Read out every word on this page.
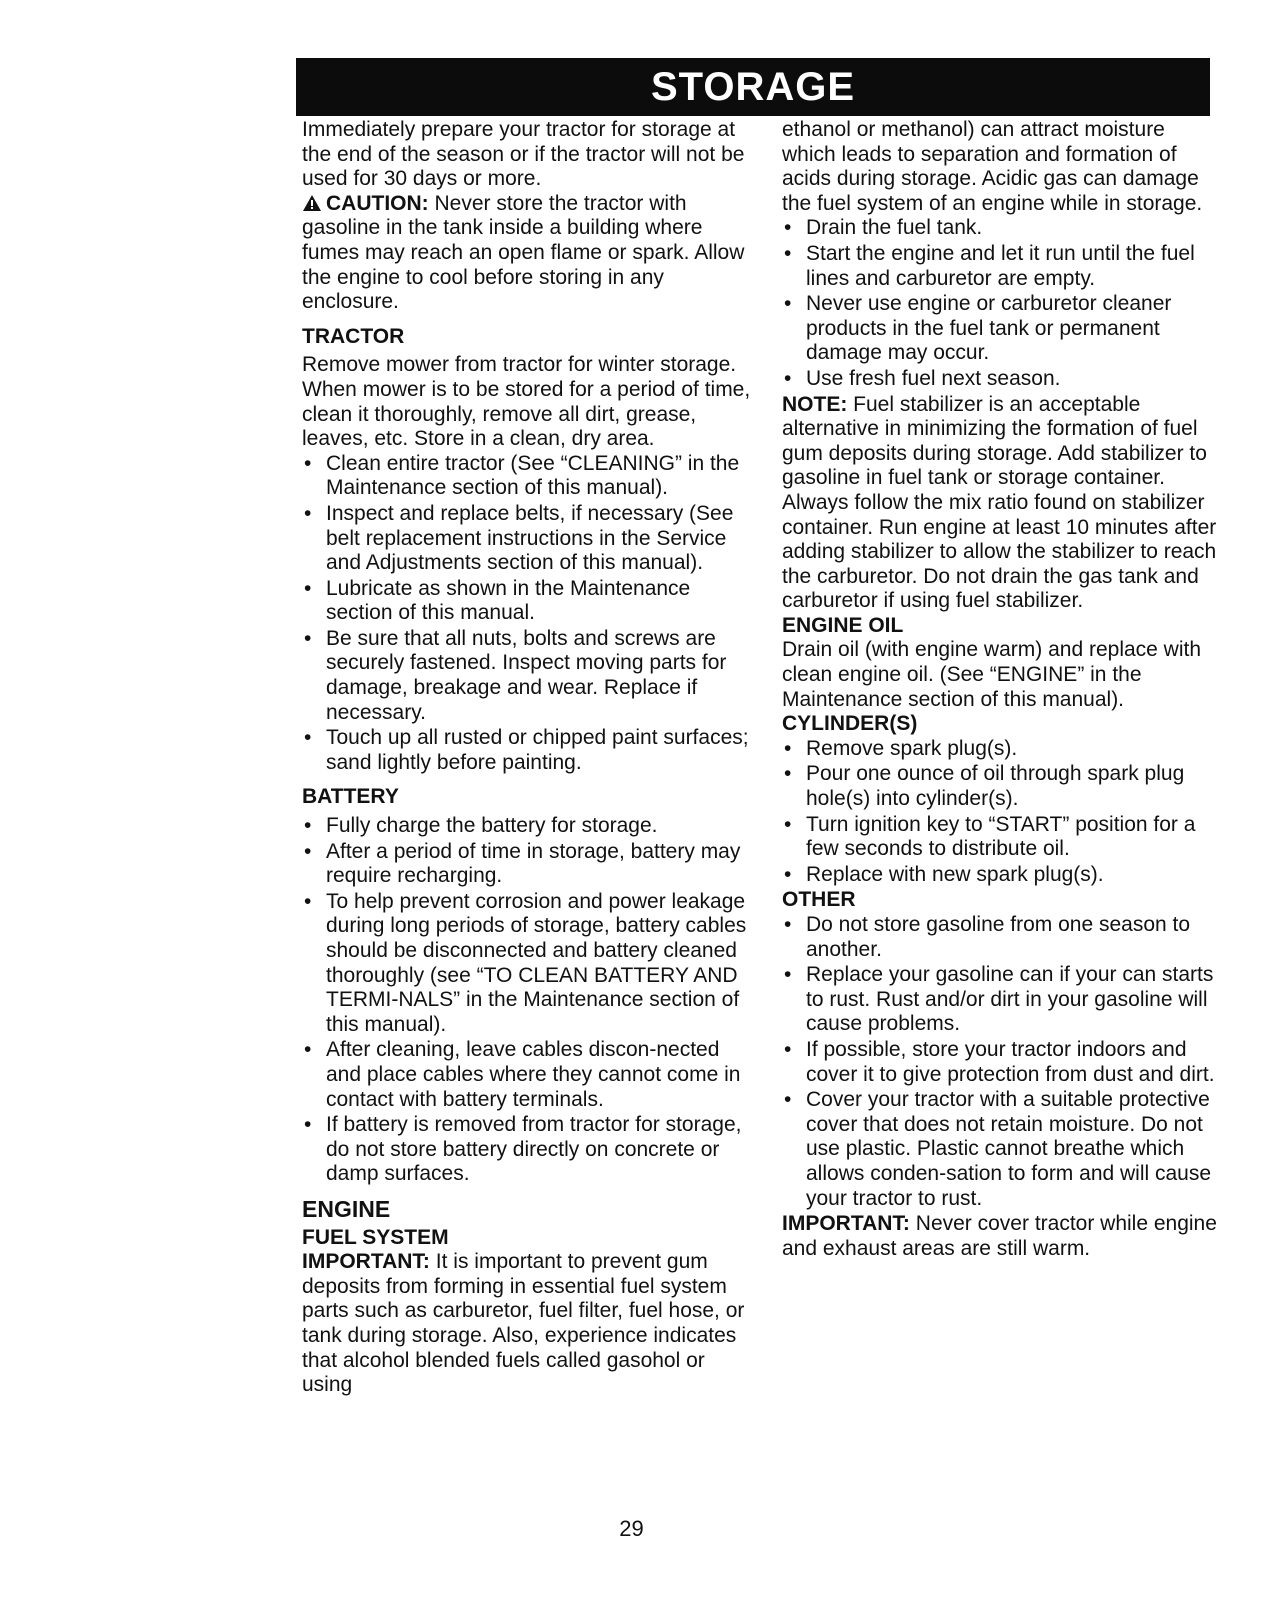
STORAGE

Immediately prepare your tractor for storage at the end of the season or if the tractor will not be used for 30 days or more.

CAUTION: Never store the tractor with gasoline in the tank inside a building where fumes may reach an open flame or spark. Allow the engine to cool before storing in any enclosure.

TRACTOR

Remove mower from tractor for winter storage. When mower is to be stored for a period of time, clean it thoroughly, remove all dirt, grease, leaves, etc. Store in a clean, dry area.

• Clean entire tractor (See “CLEANING” in the Maintenance section of this manual).
• Inspect and replace belts, if necessary (See belt replacement instructions in the Service and Adjustments section of this manual).
• Lubricate as shown in the Maintenance section of this manual.
• Be sure that all nuts, bolts and screws are securely fastened. Inspect moving parts for damage, breakage and wear. Replace if necessary.
• Touch up all rusted or chipped paint surfaces; sand lightly before painting.

BATTERY

• Fully charge the battery for storage.
• After a period of time in storage, battery may require recharging.
• To help prevent corrosion and power leakage during long periods of storage, battery cables should be disconnected and battery cleaned thoroughly (see “TO CLEAN BATTERY AND TERMI-NALS” in the Maintenance section of this manual).
• After cleaning, leave cables discon-nected and place cables where they cannot come in contact with battery terminals.
• If battery is removed from tractor for storage, do not store battery directly on concrete or damp surfaces.

ENGINE

FUEL SYSTEM

IMPORTANT: It is important to prevent gum deposits from forming in essential fuel system parts such as carburetor, fuel filter, fuel hose, or tank during storage. Also, experience indicates that alcohol blended fuels called gasohol or using

ethanol or methanol) can attract moisture which leads to separation and formation of acids during storage. Acidic gas can damage the fuel system of an engine while in storage.

• Drain the fuel tank.
• Start the engine and let it run until the fuel lines and carburetor are empty.
• Never use engine or carburetor cleaner products in the fuel tank or permanent damage may occur.
• Use fresh fuel next season.

NOTE: Fuel stabilizer is an acceptable alternative in minimizing the formation of fuel gum deposits during storage. Add stabilizer to gasoline in fuel tank or storage container. Always follow the mix ratio found on stabilizer container. Run engine at least 10 minutes after adding stabilizer to allow the stabilizer to reach the carburetor. Do not drain the gas tank and carburetor if using fuel stabilizer.

ENGINE OIL

Drain oil (with engine warm) and replace with clean engine oil. (See “ENGINE” in the Maintenance section of this manual).

CYLINDER(S)

• Remove spark plug(s).
• Pour one ounce of oil through spark plug hole(s) into cylinder(s).
• Turn ignition key to “START” position for a few seconds to distribute oil.
• Replace with new spark plug(s).

OTHER

• Do not store gasoline from one season to another.
• Replace your gasoline can if your can starts to rust. Rust and/or dirt in your gasoline will cause problems.
• If possible, store your tractor indoors and cover it to give protection from dust and dirt.
• Cover your tractor with a suitable protective cover that does not retain moisture. Do not use plastic. Plastic cannot breathe which allows conden-sation to form and will cause your tractor to rust.

IMPORTANT: Never cover tractor while engine and exhaust areas are still warm.

29
